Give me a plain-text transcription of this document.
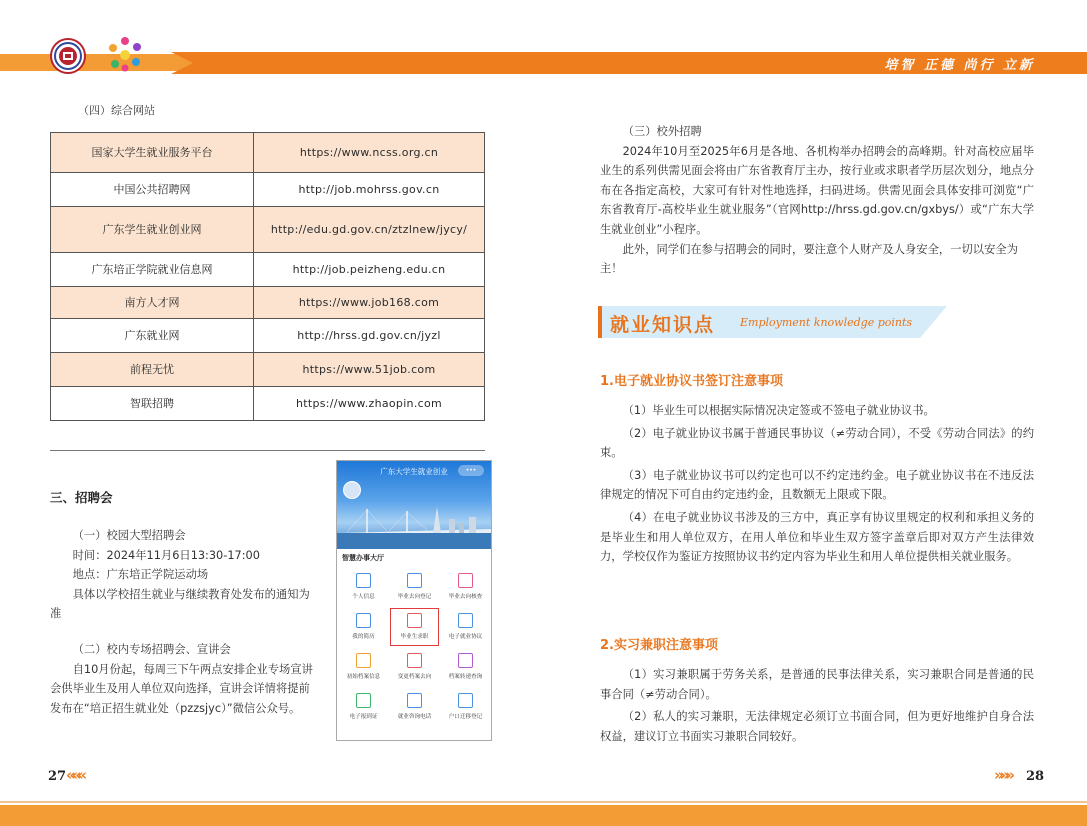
培智 正德 尚行 立新
（四）综合网站
国家大学生就业服务平台	https://www.ncss.org.cn
中国公共招聘网	http://job.mohrss.gov.cn
广东学生就业创业网	http://edu.gd.gov.cn/ztzlnew/jycy/
广东培正学院就业信息网	http://job.peizheng.edu.cn
南方人才网	https://www.job168.com
广东就业网	http://hrss.gd.gov.cn/jyzl
前程无忧	https://www.51job.com
智联招聘	https://www.zhaopin.com
三、招聘会
（一）校园大型招聘会
时间：2024年11月6日13:30-17:00
地点：广东培正学院运动场
具体以学校招生就业与继续教育处发布的通知为准
（二）校内专场招聘会、宣讲会
自10月份起，每周三下午两点安排企业专场宣讲会供毕业生及用人单位双向选择，宣讲会详情将提前发布在“培正招生就业处（pzzsjyc）”微信公众号。
广东大学生就业创业	•••
智慧办事大厅
个人信息	毕业去向登记	毕业去向核查
我的简历	毕业生求职	电子就业协议
初始档案信息	变更档案去向	档案转递查询
电子报到证	就业咨询电话	户口迁移登记
（三）校外招聘
2024年10月至2025年6月是各地、各机构举办招聘会的高峰期。针对高校应届毕业生的系列供需见面会将由广东省教育厅主办，按行业或求职者学历层次划分，地点分布在各指定高校，大家可有针对性地选择，扫码进场。供需见面会具体安排可浏览“广东省教育厅-高校毕业生就业服务”（官网http://hrss.gd.gov.cn/gxbys/）或“广东大学生就业创业”小程序。
此外，同学们在参与招聘会的同时，要注意个人财产及人身安全，一切以安全为主！
就业知识点 Employment knowledge points
1.电子就业协议书签订注意事项
（1）毕业生可以根据实际情况决定签或不签电子就业协议书。
（2）电子就业协议书属于普通民事协议（≠劳动合同），不受《劳动合同法》的约束。
（3）电子就业协议书可以约定也可以不约定违约金。电子就业协议书在不违反法律规定的情况下可自由约定违约金，且数额无上限或下限。
（4）在电子就业协议书涉及的三方中，真正享有协议里规定的权利和承担义务的是毕业生和用人单位双方，在用人单位和毕业生双方签字盖章后即对双方产生法律效力，学校仅作为鉴证方按照协议书约定内容为毕业生和用人单位提供相关就业服务。
2.实习兼职注意事项
（1）实习兼职属于劳务关系，是普通的民事法律关系，实习兼职合同是普通的民事合同（≠劳动合同）。
（2）私人的实习兼职，无法律规定必须订立书面合同，但为更好地维护自身合法权益，建议订立书面实习兼职合同较好。
27 «««	»»» 28
